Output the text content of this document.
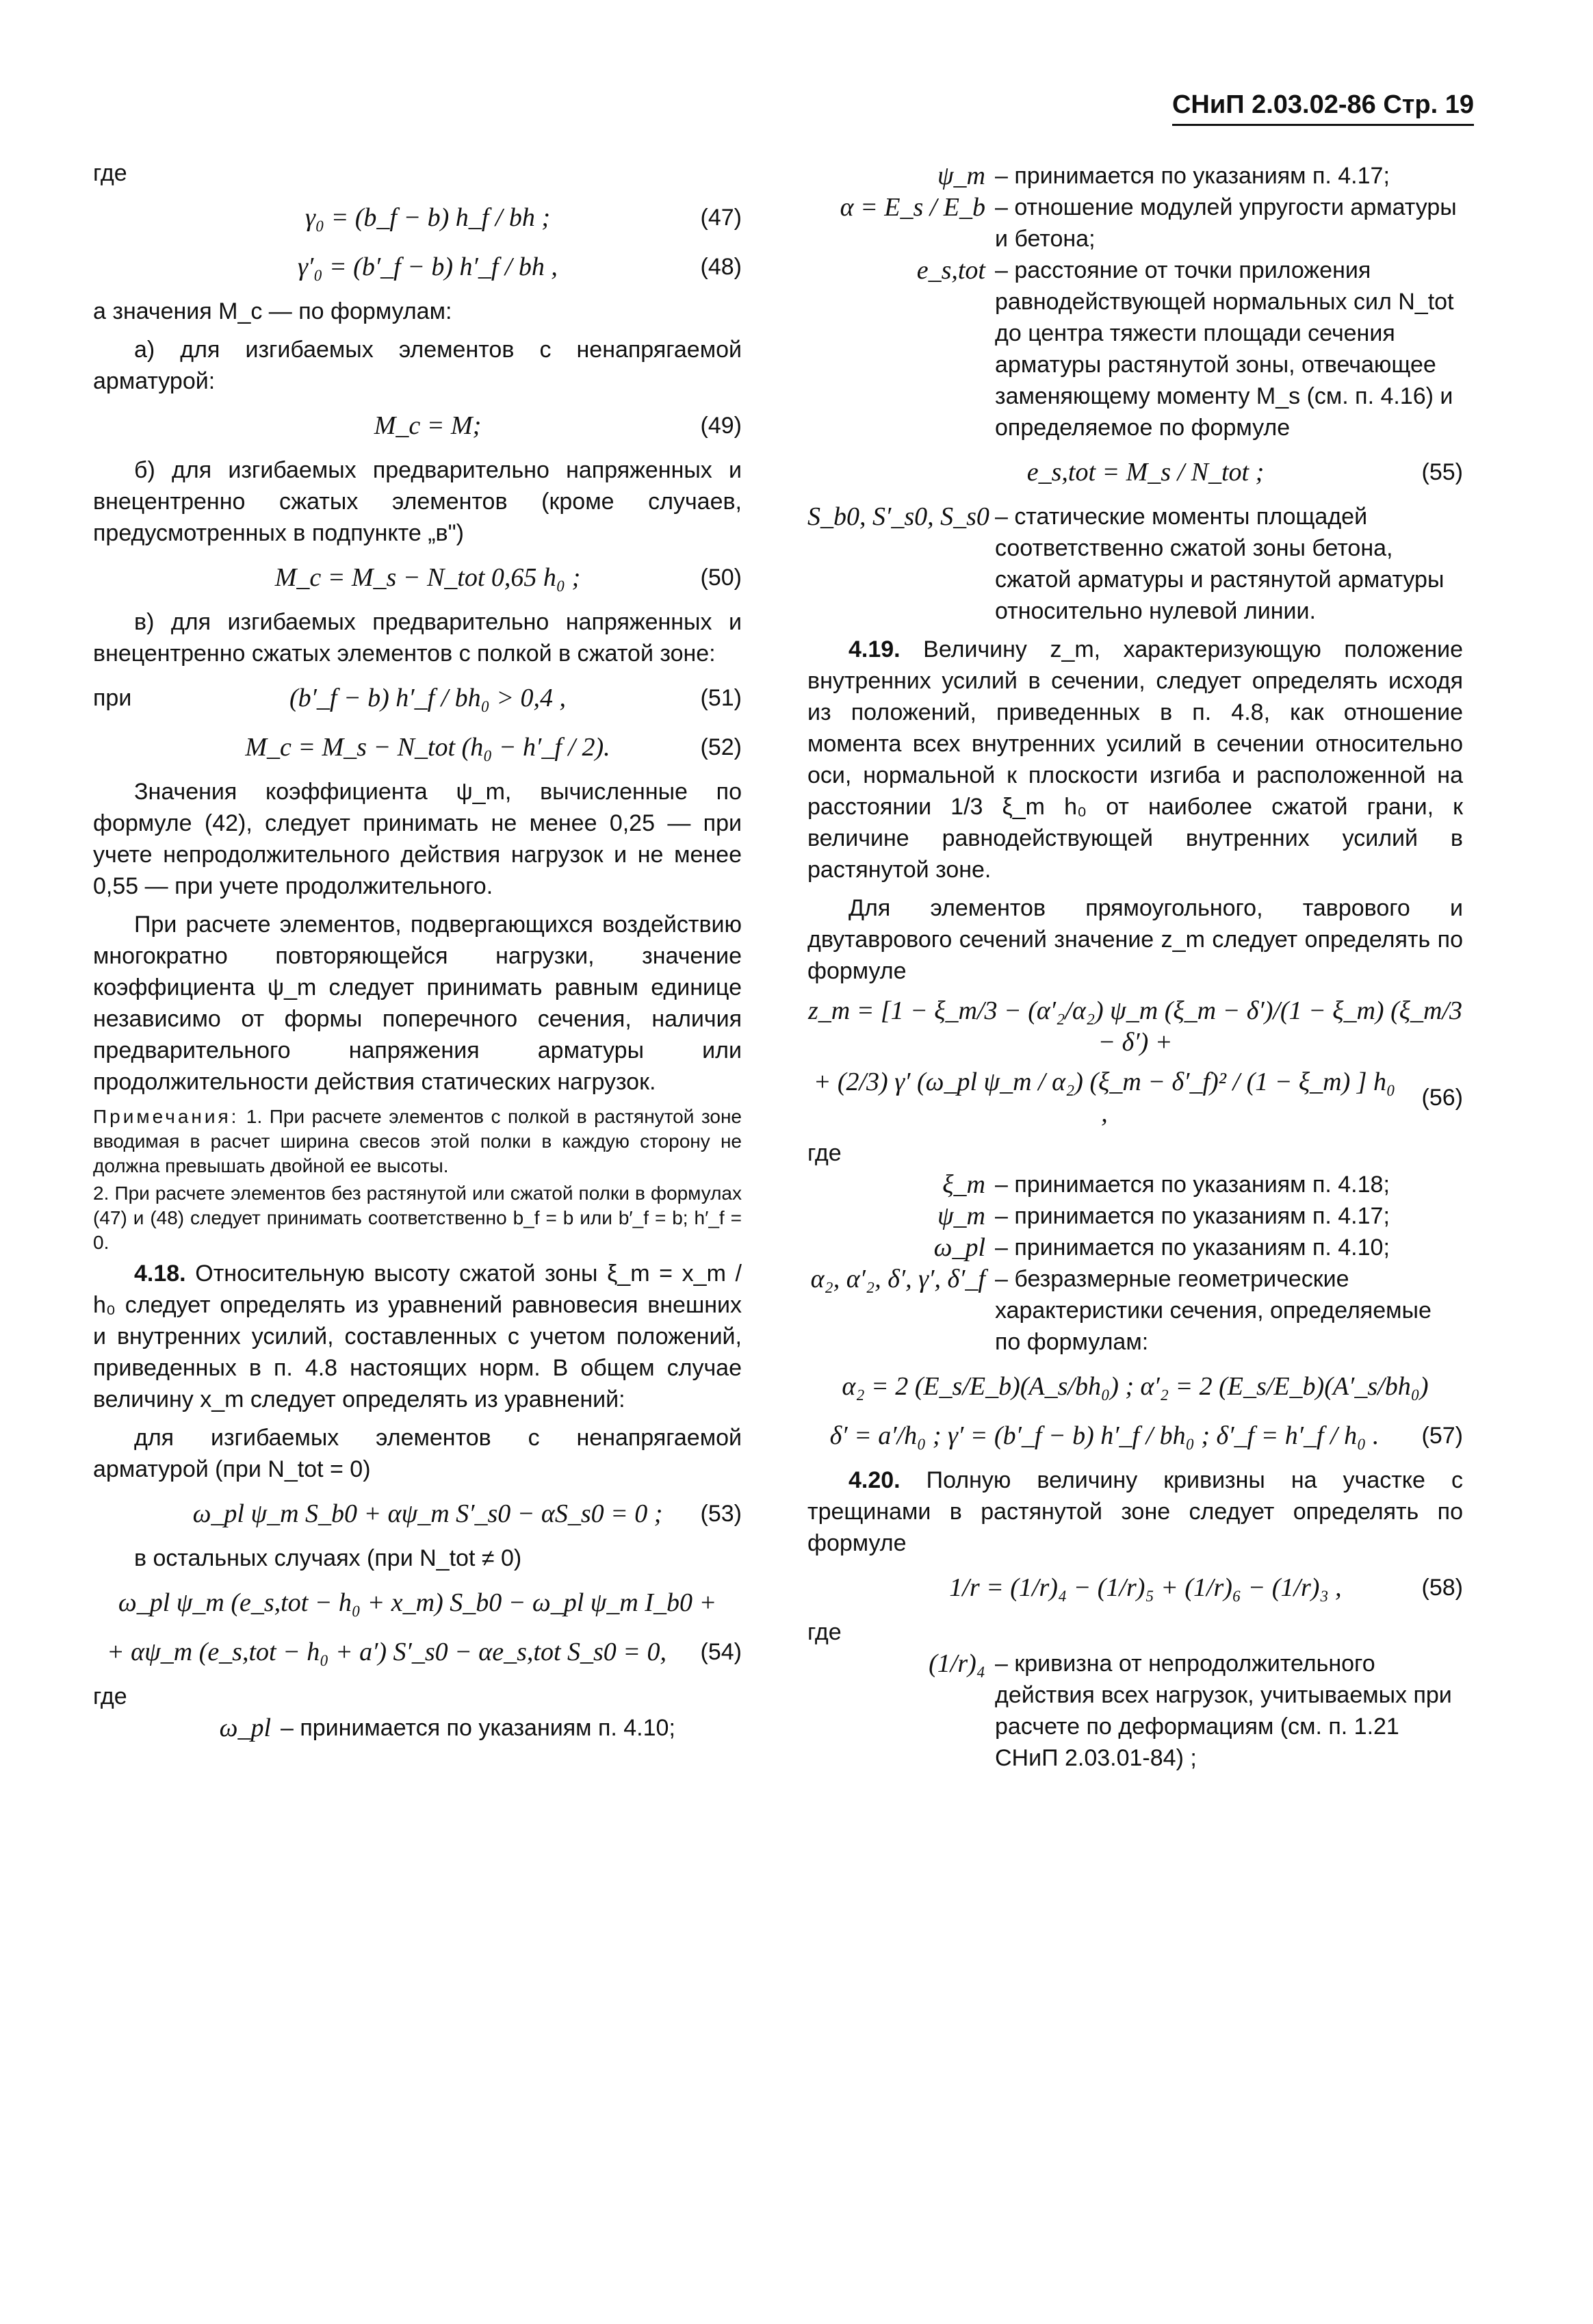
СНиП 2.03.02-86 Стр. 19
где
γ₀ = (b_f − b) h_f / bh ;	(47)
γ′₀ = (b′_f − b) h′_f / bh ,	(48)

а значения M_c — по формулам:

а) для изгибаемых элементов с ненапрягаемой арматурой:

M_c = M;	(49)

б) для изгибаемых предварительно напряженных и внецентренно сжатых элементов (кроме случаев, предусмотренных в подпункте „в")

M_c = M_s − N_tot 0,65 h₀ ;	(50)

в) для изгибаемых предварительно напряженных и внецентренно сжатых элементов с полкой в сжатой зоне:

при	(b′_f − b) h′_f / bh₀ > 0,4 ,	(51)
M_c = M_s − N_tot (h₀ − h′_f / 2).	(52)

Значения коэффициента ψ_m, вычисленные по формуле (42), следует принимать не менее 0,25 — при учете непродолжительного действия нагрузок и не менее 0,55 — при учете продолжительного.

При расчете элементов, подвергающихся воздействию многократно повторяющейся нагрузки, значение коэффициента ψ_m следует принимать равным единице независимо от формы поперечного сечения, наличия предварительного напряжения арматуры или продолжительности действия статических нагрузок.

Примечания: 1. При расчете элементов с полкой в растянутой зоне вводимая в расчет ширина свесов этой полки в каждую сторону не должна превышать двойной ее высоты.
2. При расчете элементов без растянутой или сжатой полки в формулах (47) и (48) следует принимать соответственно b_f = b или b′_f = b; h′_f = 0.

4.18. Относительную высоту сжатой зоны ξ_m = x_m / h₀ следует определять из уравнений равновесия внешних и внутренних усилий, составленных с учетом положений, приведенных в п. 4.8 настоящих норм. В общем случае величину x_m следует определять из уравнений:

для изгибаемых элементов с ненапрягаемой арматурой (при N_tot = 0)

ω_pl ψ_m S_b0 + αψ_m S′_s0 − αS_s0 = 0 ;	(53)

в остальных случаях (при N_tot ≠ 0)

ω_pl ψ_m (e_s,tot − h₀ + x_m) S_b0 − ω_pl ψ_m I_b0 +
+ αψ_m (e_s,tot − h₀ + a′) S′_s0 − αe_s,tot S_s0 = 0,	(54)
где
ω_pl – принимается по указаниям п. 4.10;
ψ_m – принимается по указаниям п. 4.17;
α = E_s / E_b – отношение модулей упругости арматуры и бетона;
e_s,tot – расстояние от точки приложения равнодействующей нормальных сил N_tot до центра тяжести площади сечения арматуры растянутой зоны, отвечающее заменяющему моменту M_s (см. п. 4.16) и определяемое по формуле
e_s,tot = M_s / N_tot ;	(55)
S_b0, S′_s0, S_s0 – статические моменты площадей соответственно сжатой зоны бетона, сжатой арматуры и растянутой арматуры относительно нулевой линии.

4.19. Величину z_m, характеризующую положение внутренних усилий в сечении, следует определять исходя из положений, приведенных в п. 4.8, как отношение момента всех внутренних усилий в сечении относительно оси, нормальной к плоскости изгиба и расположенной на расстоянии 1/3 ξ_m h₀ от наиболее сжатой грани, к величине равнодействующей внутренних усилий в растянутой зоне.

Для элементов прямоугольного, таврового и двутаврового сечений значение z_m следует определять по формуле

z_m = [1 − ξ_m/3 − (α′₂/α₂) ψ_m (ξ_m − δ′)/(1 − ξ_m) (ξ_m/3 − δ′) +
+ (2/3) γ′ (ω_pl ψ_m / α₂) (ξ_m − δ′_f)² / (1 − ξ_m) ] h₀ ,
(56)
где
ξ_m – принимается по указаниям п. 4.18;
ψ_m – принимается по указаниям п. 4.17;
ω_pl – принимается по указаниям п. 4.10;
α₂, α′₂, δ′, γ′, δ′_f – безразмерные геометрические характеристики сечения, определяемые по формулам:
α₂ = 2 (E_s/E_b)(A_s/bh₀) ; α′₂ = 2 (E_s/E_b)(A′_s/bh₀)
δ′ = a′/h₀ ; γ′ = (b′_f − b) h′_f / bh₀ ; δ′_f = h′_f / h₀ .	(57)

4.20. Полную величину кривизны на участке с трещинами в растянутой зоне следует определять по формуле

1/r = (1/r)₄ − (1/r)₅ + (1/r)₆ − (1/r)₃ ,	(58)
где
(1/r)₄ – кривизна от непродолжительного действия всех нагрузок, учитываемых при расчете по деформациям (см. п. 1.21 СНиП 2.03.01-84) ;
